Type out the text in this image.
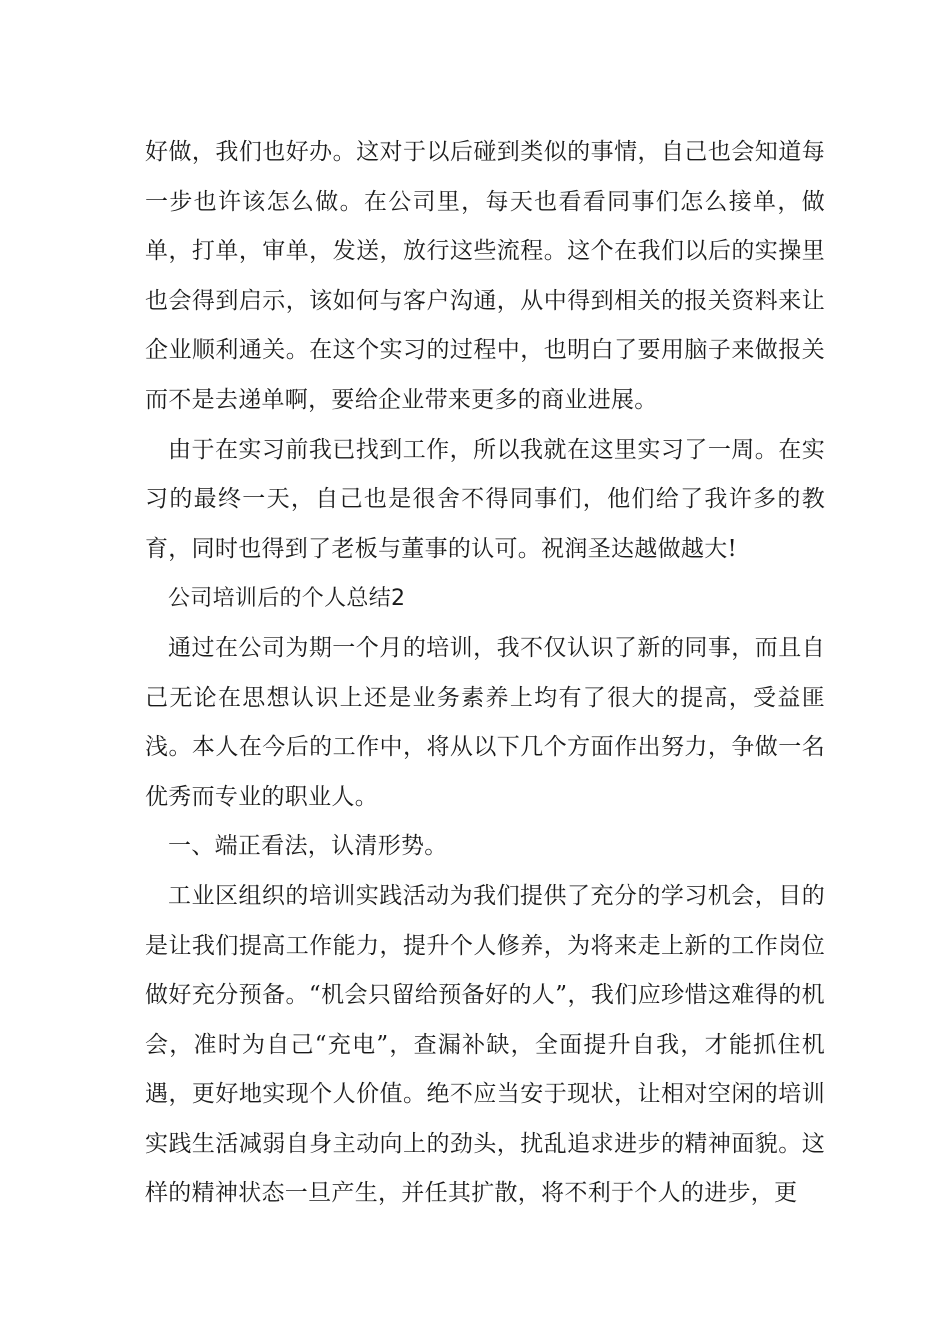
好做，我们也好办。这对于以后碰到类似的事情，自己也会知道每一步也许该怎么做。在公司里，每天也看看同事们怎么接单，做单，打单，审单，发送，放行这些流程。这个在我们以后的实操里也会得到启示，该如何与客户沟通，从中得到相关的报关资料来让企业顺利通关。在这个实习的过程中，也明白了要用脑子来做报关而不是去递单啊，要给企业带来更多的商业进展。

由于在实习前我已找到工作，所以我就在这里实习了一周。在实习的最终一天，自己也是很舍不得同事们，他们给了我许多的教育，同时也得到了老板与董事的认可。祝润圣达越做越大!

公司培训后的个人总结2

通过在公司为期一个月的培训，我不仅认识了新的同事，而且自己无论在思想认识上还是业务素养上均有了很大的提高，受益匪浅。本人在今后的工作中，将从以下几个方面作出努力，争做一名优秀而专业的职业人。

一、端正看法，认清形势。

工业区组织的培训实践活动为我们提供了充分的学习机会，目的是让我们提高工作能力，提升个人修养，为将来走上新的工作岗位做好充分预备。“机会只留给预备好的人”，我们应珍惜这难得的机会，准时为自己“充电”，查漏补缺，全面提升自我，才能抓住机遇，更好地实现个人价值。绝不应当安于现状，让相对空闲的培训实践生活减弱自身主动向上的劲头，扰乱追求进步的精神面貌。这样的精神状态一旦产生，并任其扩散，将不利于个人的进步，更
